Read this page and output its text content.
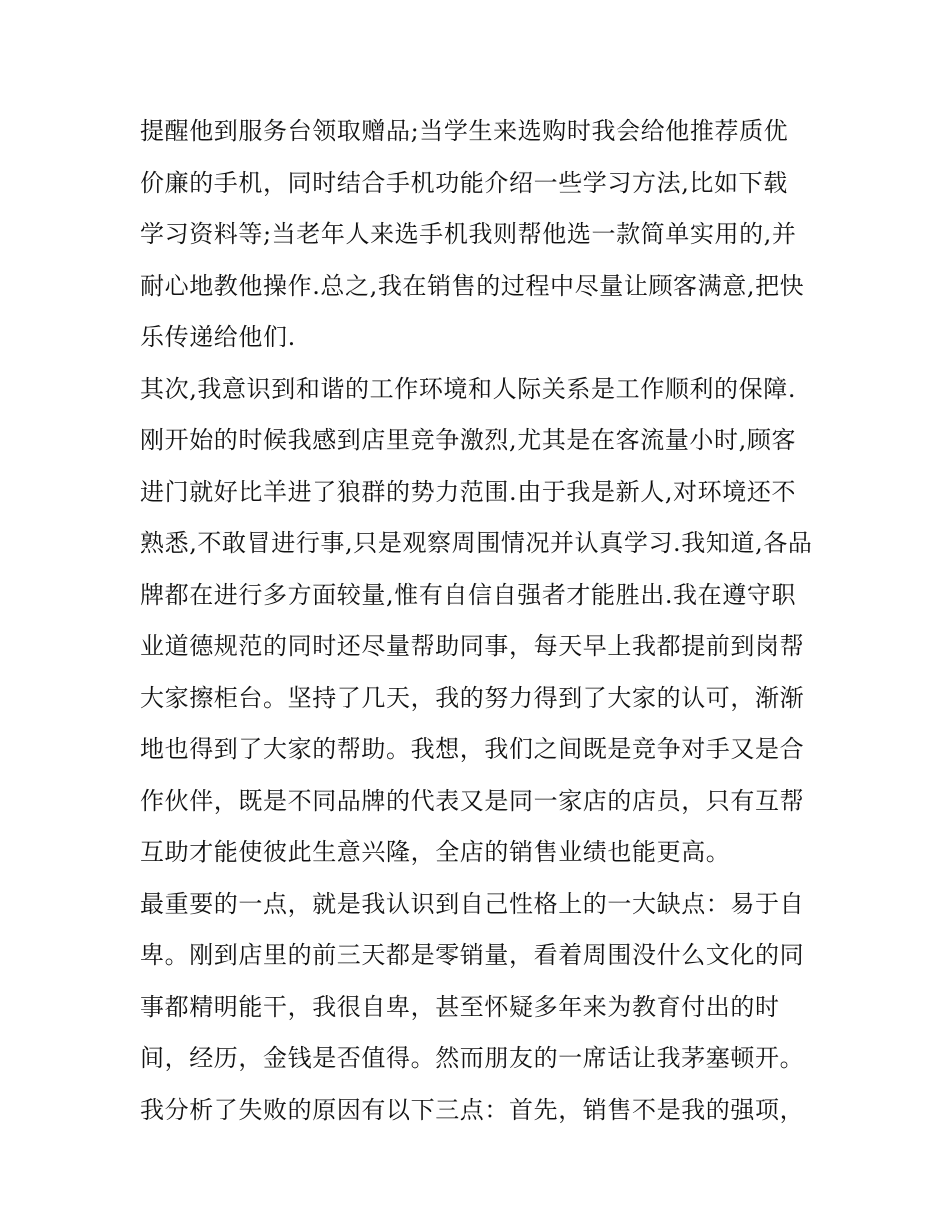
提醒他到服务台领取赠品;当学生来选购时我会给他推荐质优
价廉的手机，同时结合手机功能介绍一些学习方法,比如下载
学习资料等;当老年人来选手机我则帮他选一款简单实用的,并
耐心地教他操作.总之,我在销售的过程中尽量让顾客满意,把快
乐传递给他们.
其次,我意识到和谐的工作环境和人际关系是工作顺利的保障.
刚开始的时候我感到店里竞争激烈,尤其是在客流量小时,顾客
进门就好比羊进了狼群的势力范围.由于我是新人,对环境还不
熟悉,不敢冒进行事,只是观察周围情况并认真学习.我知道,各品
牌都在进行多方面较量,惟有自信自强者才能胜出.我在遵守职
业道德规范的同时还尽量帮助同事，每天早上我都提前到岗帮
大家擦柜台。坚持了几天，我的努力得到了大家的认可，渐渐
地也得到了大家的帮助。我想，我们之间既是竞争对手又是合
作伙伴，既是不同品牌的代表又是同一家店的店员，只有互帮
互助才能使彼此生意兴隆，全店的销售业绩也能更高。
最重要的一点，就是我认识到自己性格上的一大缺点：易于自
卑。刚到店里的前三天都是零销量，看着周围没什么文化的同
事都精明能干，我很自卑，甚至怀疑多年来为教育付出的时
间，经历，金钱是否值得。然而朋友的一席话让我茅塞顿开。
我分析了失败的原因有以下三点：首先，销售不是我的强项，
